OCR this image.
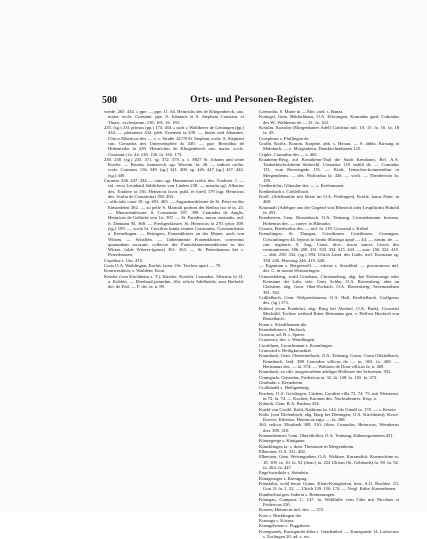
500	Orts- und Personen-Register.

werde. 265. 434. » ppe. — ppe. 11. 64. Heinrichs des de Klingenbercb, can. maior. eccle. Constant. ppe. 8. Johannis et S. Stephani Constant. et Thuric. ecclesiarum. 136. 165. 16. 183.

235. (sg.) 231 primus (pp.) 174. 454 » surb » Wallikerer de Leiningen (pp.) 434. — pleisantes 434. pleb. Ertensen ta 439. — hinter und Johannes, Ulrico Albericus des. — s. c. Straße. 417/8 St. Stephan, scole. S. Stephani can. Conradus des Unterseinpfele 4s 430. — ppe. Bertoldus de Hobenreibe fa 439. Heinrichus de Klingenberch can. maior. eccle. Constant.) fa. 44. 120. 136. fa. 165. 173.

230. 238. (sg.) 233. 371. sg. 372. 379. a. c. 8827 St. Johann und seine Kirche. — Bromis. kamarrich. sgr. Wurrim. fa. 48. — indices cache, scole. Constant. 136. 349. (sg.) 341. 400. sg. 426. 447 (sg.) 437. 442. (sg.) 449.

Cuonrat. 436. 447. 434. — cuiu. sgr. Harmanuus scolia. des. Vuoltnoi. 1. — sol. verst Leonhard Süblichertr von Linden 238. — mtarita sgl. Albertus des. Toralere ta 136. Heinricus (scot. publ. et forel) 179 (sgr. Heinricus des. Sculia de Constantia) 198. 203.

— officialis curie 18. sg. 401. 465. — Augustinerkloster de St. Peter an der Einsiedelen 382. — su pelle S. Martiali probsei der Reihsu cur ie ta. 25. — Minoritenkloster. S. Constantie 397. 399. Conradus de Anglis, Heinricus de Gelbicht von 1st. 397. — St. Paradiss. moun. monialis. ord. S. Damiani 94. 368. — Predigerkloster. St. Heinricus fa 270. prior 108. (sg.) 109. — scola St. Crucilius lumia reumis Constantia. Constantiensis a. Kreuzlingen. — Reinigers, Frauenkloster an der Mauer, auch von Wilzen. — Schaffen. — Unbenimmte Frauenkloster, conventus quarundam sororum, collectio der Franziskanerinnenkloster in der Witerz. (alde Witerer-)grene) 361. 363. — St. Petershausen bei s. Petershausen.

Copelina s. Um. 410.

Coris O.A. Waiblingen, Korbis. hoen. Ort. Twelzer upad. — 70.

Kornwesthein, s. Waiblein. Korn.

Kessler (von Kirchheim s. T.), Küssler, Kossler. Conradus. Albertus fa 31. a. Kobbin. — Eberhard poundmi. filii. relicta Adelheidis, suor Berbold. dei. de Pral. — F. div. ta. n. 89.

Coenrolin, S. Marie in — Ebe. card. s. Banza.

Kotingsl, Gem. Böblarhhaus, O.A. Eilwangen, Konradus gard, Cuhradus des W., Waltherus de — 21. fa. 162.

Kotulin, Kunolin (Morgenkatter Adel) Gottfriur mil. 10. 15. fa. 16. fa. 18 fa. 45.

Crosplines s. Pfullingen de.

Grafln, Krafts, Krazon, Kraphte. abb. s. Hirsau. — S. abbla. Kirsung in Mainburb. — e. Morgenbern, Domkirchenbazen 125.

Cripke, Conradus des — s. 402.

Krauheim-Berg, auf Krautheim-Thal die Stadt Kreuhaim, Rel. A.A. Tauberbischofsheim Südoschl. Conradus 118. nobili de. — Conradus 151. vom Ravensgade 151. — Kraft, Teutsches-kommenthur in Mergentheim. — des. Wolfradua fa. 436. — scolt. — Theodericus fa. 159.

Crediertiche, Glüradue des. — s. Kerlenmuen.

Kreßenbach s. Crißfelbach.

Kroll. (Adelfamilie mit Sitzie im O.A. Pettlingen), Kroile, baros Peter, in 468.

Kruntuali (Adeliger aus der Gegend von Biberach oder Leupfhrim) Hubold fa. 291.

Kreuherren, Gem. Rossenbach, O.A. Tettnang, Crossenbrunne, brussen, Hohenrus der. — conve. in Blimalin.

Crouce, Eberhardus des. — mil. fa. 119. Crowmal s. Kribel.

Kreuzlingen. St. Thurgau, Crisrilinsen. Crusilinsen, Crusingen, Criscunlingen 44. leprost in fando illüstriga apud — 44. — nirum. de. — can. regularis. S. Aug. Const. dice., tiucia sancte Crucis des constantiensis. 186. 208. 331. 333. 334. 415. 443. — zuw. 256. 332. 419. — abb. 258. 332. (sg.) 394. Ulrich Land. des Lüdis, mel. Konstanz sg. 338. 246. Ebersing 246. 419. 440.

— Eigentum s. Bergerssell. — vitreus s. Strashlinl. — procuratores mil. des. C. in monte Wismoringen.

Crüzzeslnberg, wohl Crüzhaus, Christianberg, abg. bei Eulenwangs oder Konstanz der Lahr, sole. Gem. Schler, O.A. Ravensberg. aber an Christine, abg. Gem. Ober-Eschach. O.A. Ravensberg, Sesemunilsim 391. 392.

Crißfelbach, Gem. Wolpertshausen, O.A. Hall, Krafftelbach. Cralfgerus des. (sg.) 173.

Kribeol (vom Frankfurt, abg. Burg bei Abtshof, O.A. Burk), Crowmel Mechtild, Tochter weiland Ritter Hermanns gen. v. Heflora Huofach von Reutelbach.

Krem s. Schaffhausen die.

Krombebinre s. Hochsch.

Crosson, ad. B. s. Spaier.

Crusrsvey, des. s. Wendlingen.

Cuorbluen, Crouchinnan s. Krumlingen.

Crutsvaid s. Heiligkreuzthal.

Krumbach, Gem. Oberteuerbach, O.A. Tettnang, Grum. Crum Offzbelbach, Krumbach. leid. 388 Conradus villicus de — in. 363. fa. 468. — Bertramus des. — fa. 374. — Waltarus de Dora villicus fa. n. 469.

Krumbach, ze cdit. ausgestorbene adeliger Hofbeser der Schoenen, 392.

Crumgasla, Cunradus, Fridericus ta. 32. fa. 148. fa. 165. fa. 372.

Gruthalm s. Kreuzbeim.

Crolkhadel s. Heiligenberg.

Kuchen, O.A. Geislingen, Cüchen, Cuothin villa 72. 74. 75. mit Weissenst. in 72. fa. 74. — Kuchen, Kuonrat des. Nachsalimtrer, Krsp. a.

Kübeck, Gem. R.A. Buchau 454.

Kuehl von Grothl. Kuhl, Kathiuns fa. 144. (do Umul) ta. 170. — s. Kroete.

Kidw (von Diefenbach, abg. Burg bei Dettingen, O.A. Kirchheim), Kewe. Kiwwe, Kiberius. Heinricus ergo. — fa. 308.

363. relicta: Elisabetb 308. 310; filius: Cunradus, Heinricus, Wernherus ther. 309. 310.

Künnenbeimer, Gem. Obereßoffen, O.A. Tettnang, Kükenegremeten 451.

Künzegerge s. Künignau.

Küneklingen fa. s. dom. Theutonie in Mergentheim.

Elbersten, O.A. 331. 402.

Elbersten, Gem. Weismgraben, O.A. Waldsee, Karrandich. Kuentschine ta. 18. 100. ta. 10. fa. 92 (dom.) fa. 224 Ulrisus (St. Gebhards) fa. 90. fa. 92. fa. 264. fa. 447.

Engelswirthsla s. Steinlein.

Künigeusger s. Kienigsug.

Künsfahn, wohl heute Grüne, Klein-Künigbofen, heis: A.O. Buchlee. Ül. Gon. Il. fa. 1. 22. — Ulrich 129. 156. 174. — Vergl. Kühe, Kazmelnnen.

Kumberlina gen. Inderat s. Bremmungen.

Künzgau, Cumpost. C. 147. fa. Wohlhilfe vom Gilts mit Nicolaus et Fridericus 250.

Kurzen, Heinricus mil. des. — 372.

Kurs s. Boeklingen die.

Kusnaga s. Körpsa.

Knengelsmun s. Puggahaus.

Koregnauds, Kunegunda abba s. Gnadenthal. — Kunegunde 14. Luibecuse s. Esslingen 20. ad. s. etc.
